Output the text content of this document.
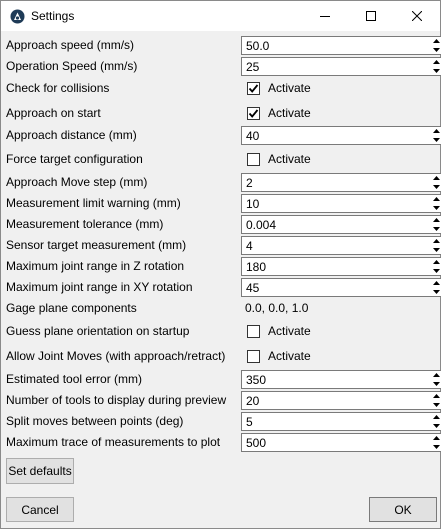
Settings
Approach speed (mm/s)	50.0
Operation Speed (mm/s)	25
Check for collisions	Activate
Approach on start	Activate
Approach distance (mm)	40
Force target configuration	Activate
Approach Move step (mm)	2
Measurement limit warning (mm)	10
Measurement tolerance (mm)	0.004
Sensor target measurement (mm)	4
Maximum joint range in Z rotation	180
Maximum joint range in XY rotation	45
Gage plane components	0.0, 0.0, 1.0
Guess plane orientation on startup	Activate
Allow Joint Moves (with approach/retract)	Activate
Estimated tool error (mm)	350
Number of tools to display during preview 20
Split moves between points (deg)	5
Maximum trace of measurements to plot 500
Set defaults
Cancel	OK
